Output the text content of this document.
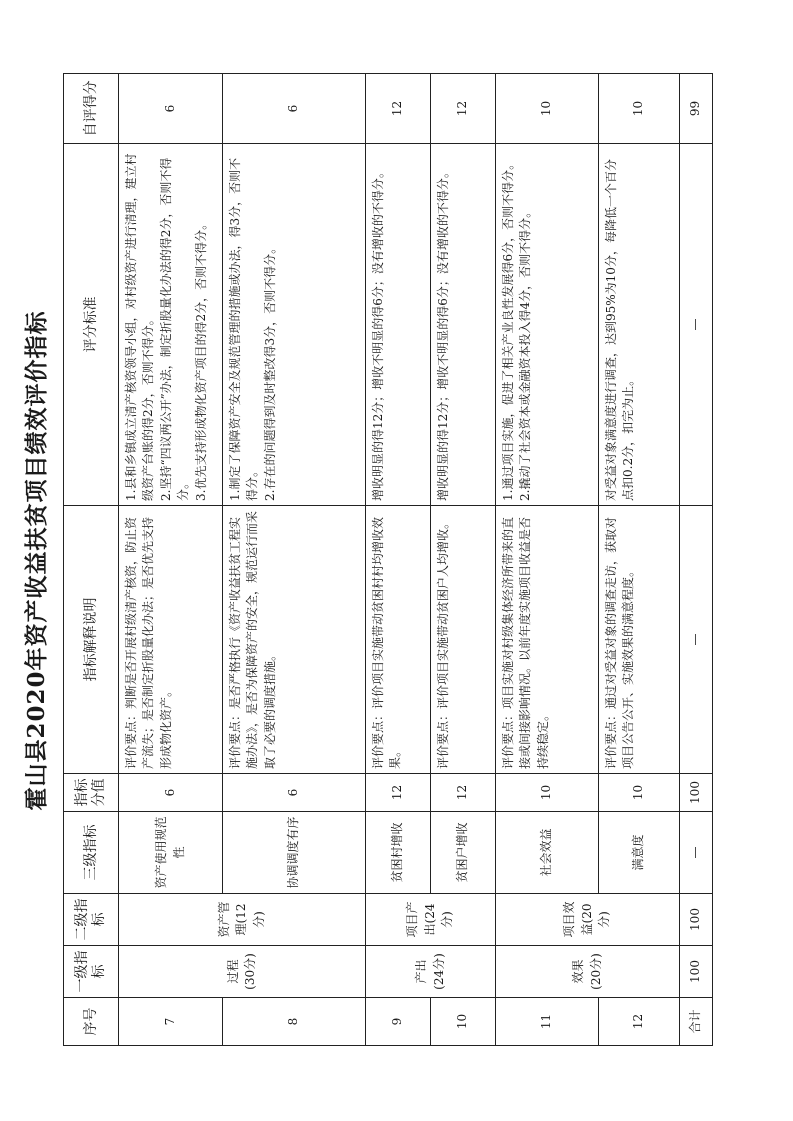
霍山县2020年资产收益扶贫项目绩效评价指标
序号	一级指标	二级指标	三级指标	指标分值	指标解释说明	评分标准	自评得分
7	过程(30分)	资产管理(12分)	资产使用规范性	6	评价要点：判断是否开展村级清产核资，防止资产流失；是否制定折股量化办法；是否优先支持形成物化资产。	1.县和乡镇成立清产核资领导小组，对村级资产进行清理，建立村级资产台账的得2分，否则不得分。
2.坚持“四议两公开”办法，制定折股量化办法的得2分，否则不得分。
3.优先支持形成物化资产项目的得2分，否则不得分。	6
8			协调调度有序	6	评价要点：是否严格执行《资产收益扶贫工程实施办法》，是否为保障资产的安全，规范运行而采取了必要的调度措施。	1.制定了保障资产安全及规范管理的措施或办法，得3分，否则不得分。
2.存在的问题得到及时整改得3分，否则不得分。	6
9	产出(24分)	项目产出(24分)	贫困村增收	12	评价要点：评价项目实施带动贫困村村均增收效果。	增收明显的得12分；增收不明显的得6分；没有增收的不得分。	12
10			贫困户增收	12	评价要点：评价项目实施带动贫困户人均增收。	增收明显的得12分；增收不明显的得6分；没有增收的不得分。	12
11	效果(20分)	项目效益(20分)	社会效益	10	评价要点：项目实施对村级集体经济所带来的直接或间接影响情况。以前年度实施项目收益是否持续稳定。	1.通过项目实施，促进了相关产业良性发展得6分，否则不得分。
2.撬动了社会资本或金融资本投入得4分，否则不得分。	10
12			满意度	10	评价要点：通过对受益对象的调查走访，获取对项目公告公开、实施效果的满意程度。	对受益对象满意度进行调查，达到95%为10分，每降低一个百分点扣0.2分，扣完为止。	10
合计	100	100	—	100	—	—	99
